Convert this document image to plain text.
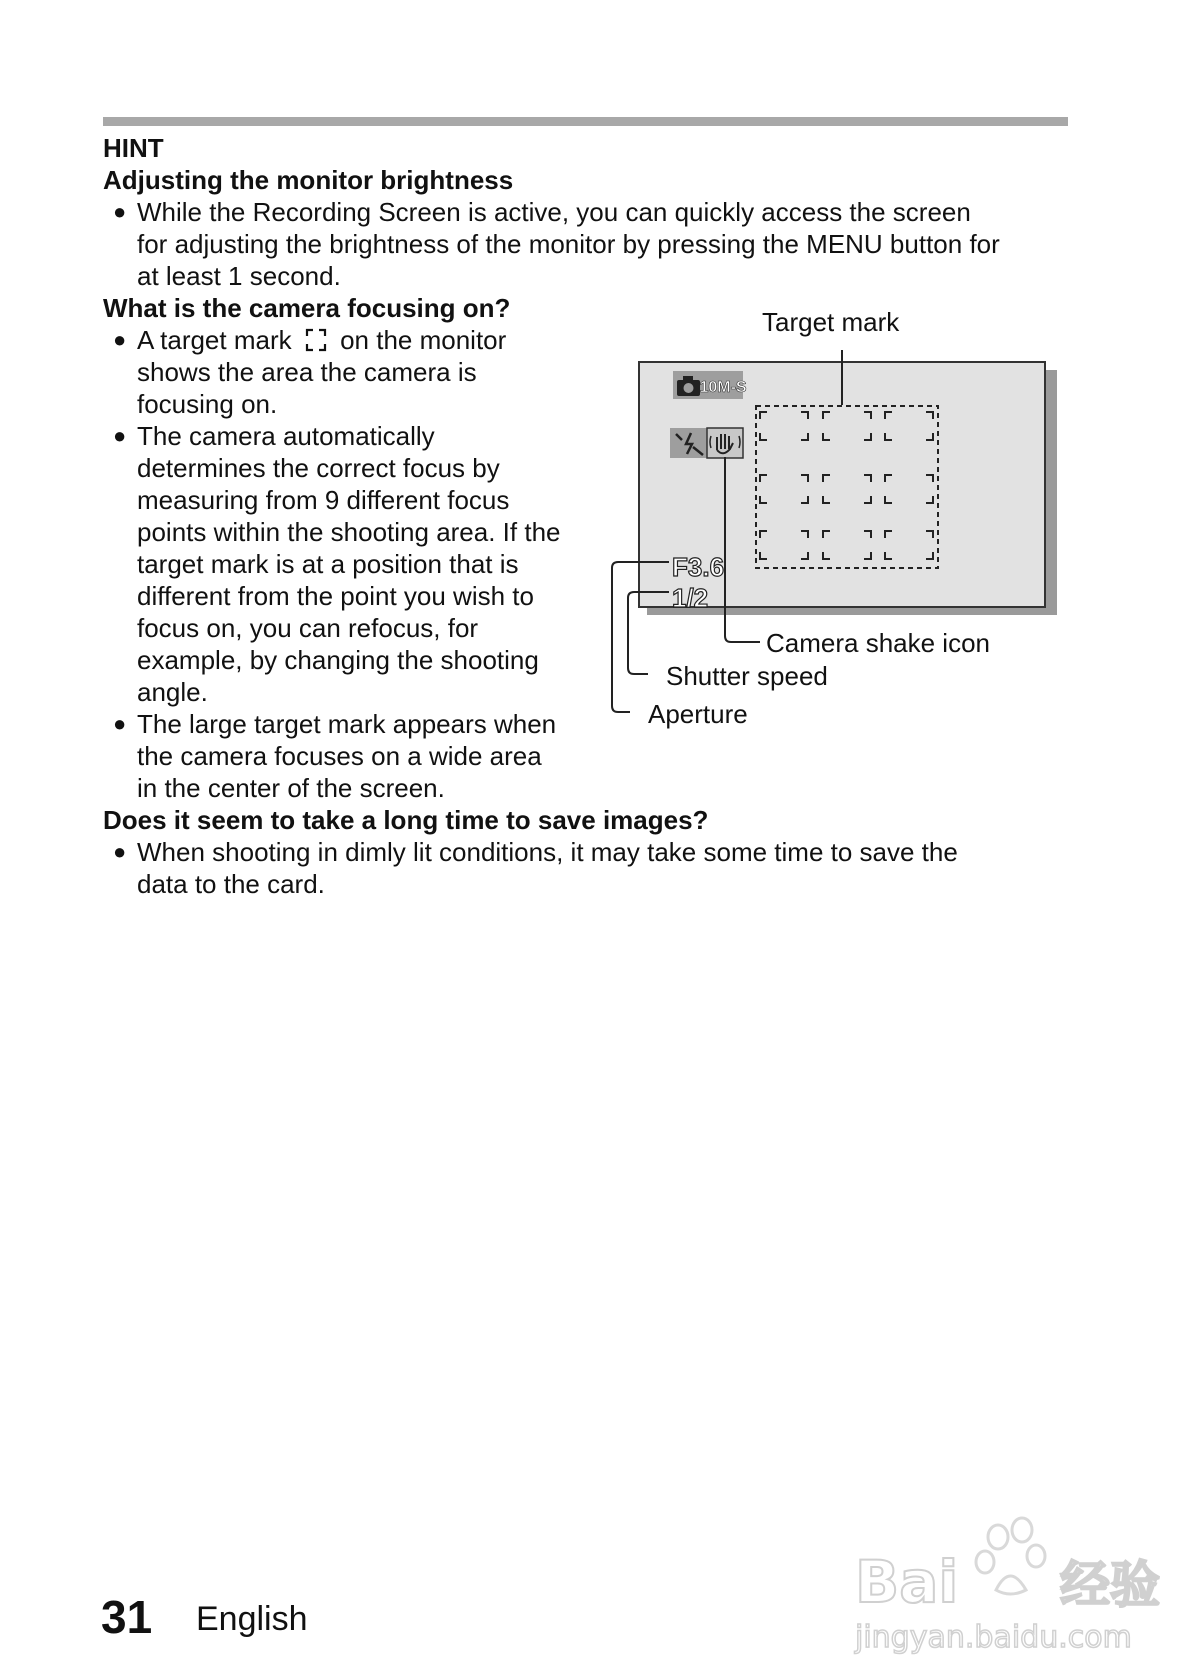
HINT
Adjusting the monitor brightness
● While the Recording Screen is active, you can quickly access the screen
for adjusting the brightness of the monitor by pressing the MENU button for
at least 1 second.
What is the camera focusing on?
● A target mark on the monitor
shows the area the camera is
focusing on.
● The camera automatically
determines the correct focus by
measuring from 9 different focus
points within the shooting area. If the
target mark is at a position that is
different from the point you wish to
focus on, you can refocus, for
example, by changing the shooting
angle.
● The large target mark appears when
the camera focuses on a wide area
in the center of the screen.
Does it seem to take a long time to save images?
● When shooting in dimly lit conditions, it may take some time to save the
data to the card.
10M-S
F3.6
1/2
Target mark
Camera shake icon
Shutter speed
Aperture
31 English
Bai 经验
jingyan.baidu.com
